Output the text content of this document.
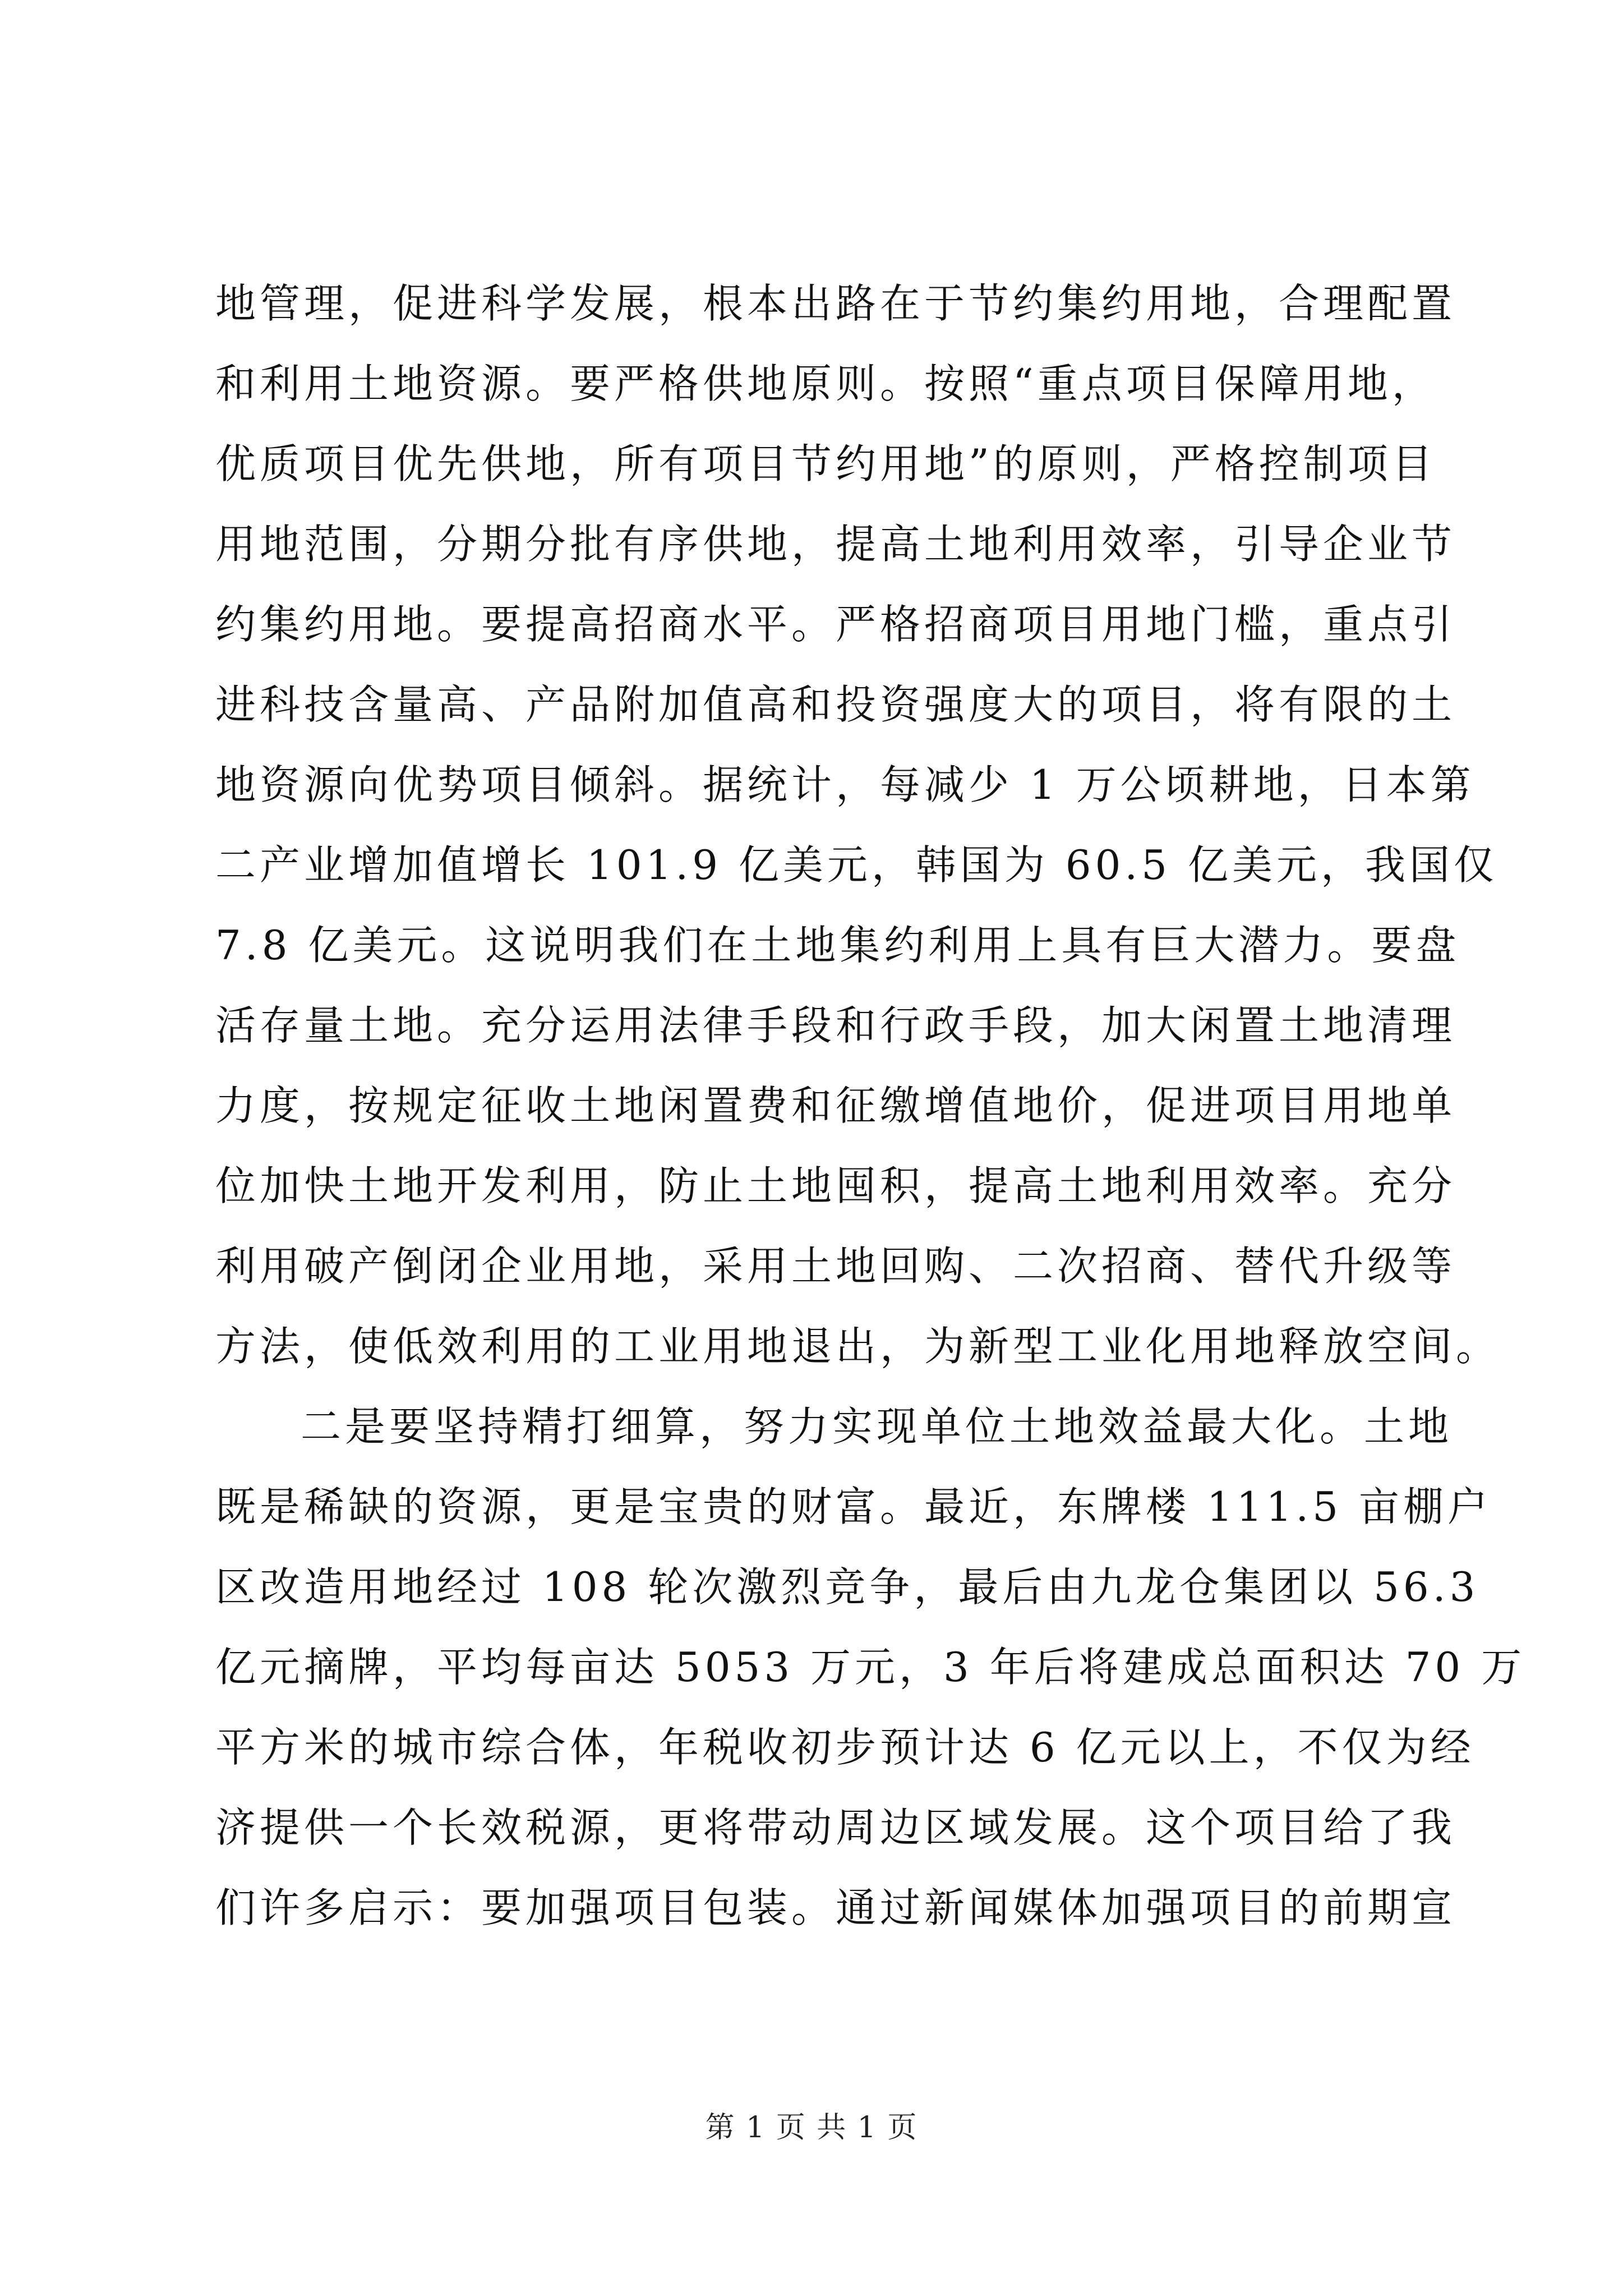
地管理，促进科学发展，根本出路在于节约集约用地，合理配置
和利用土地资源。要严格供地原则。按照“重点项目保障用地，
优质项目优先供地，所有项目节约用地”的原则，严格控制项目
用地范围，分期分批有序供地，提高土地利用效率，引导企业节
约集约用地。要提高招商水平。严格招商项目用地门槛，重点引
进科技含量高、产品附加值高和投资强度大的项目，将有限的土
地资源向优势项目倾斜。据统计，每减少 1 万公顷耕地，日本第
二产业增加值增长 101.9 亿美元，韩国为 60.5 亿美元，我国仅
7.8 亿美元。这说明我们在土地集约利用上具有巨大潜力。要盘
活存量土地。充分运用法律手段和行政手段，加大闲置土地清理
力度，按规定征收土地闲置费和征缴增值地价，促进项目用地单
位加快土地开发利用，防止土地囤积，提高土地利用效率。充分
利用破产倒闭企业用地，采用土地回购、二次招商、替代升级等
方法，使低效利用的工业用地退出，为新型工业化用地释放空间。
二是要坚持精打细算，努力实现单位土地效益最大化。土地
既是稀缺的资源，更是宝贵的财富。最近，东牌楼 111.5 亩棚户
区改造用地经过 108 轮次激烈竞争，最后由九龙仓集团以 56.3
亿元摘牌，平均每亩达 5053 万元，3 年后将建成总面积达 70 万
平方米的城市综合体，年税收初步预计达 6 亿元以上，不仅为经
济提供一个长效税源，更将带动周边区域发展。这个项目给了我
们许多启示：要加强项目包装。通过新闻媒体加强项目的前期宣
第 1 页 共 1 页
